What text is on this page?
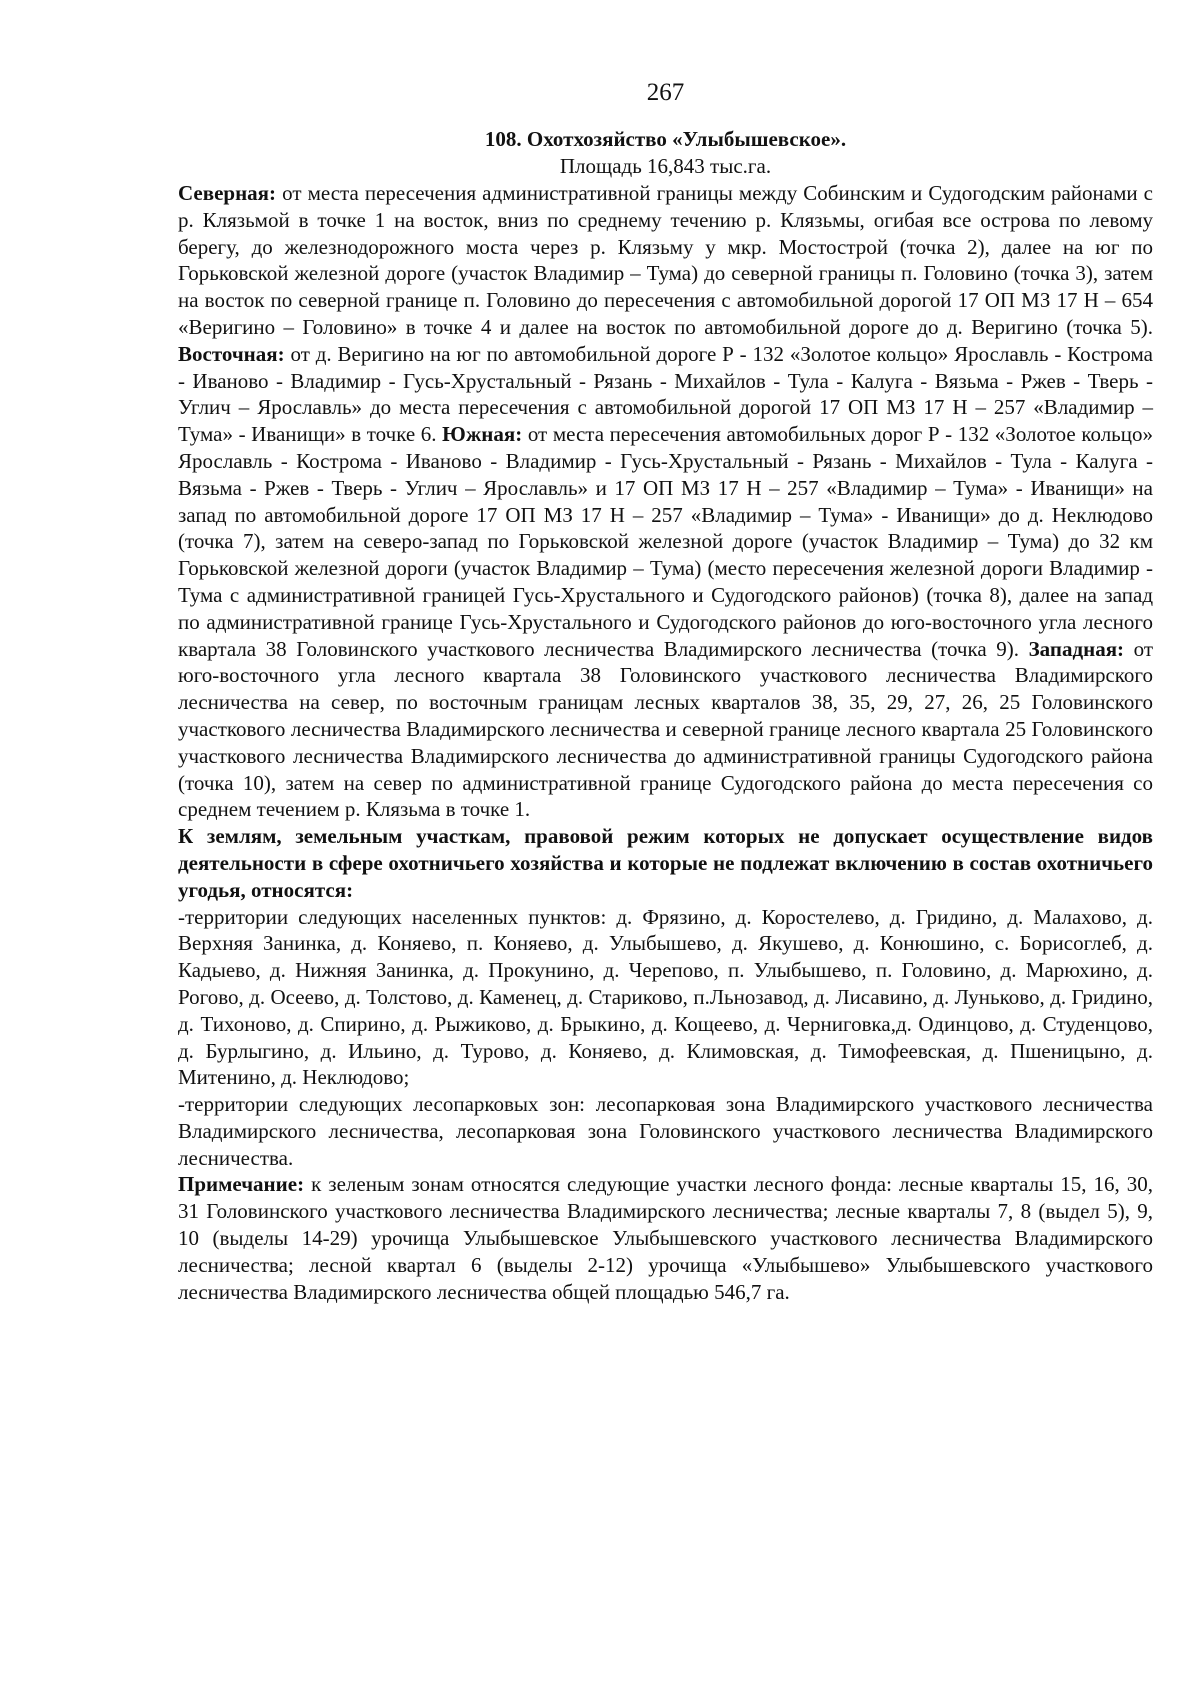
267
108. Охотхозяйство «Улыбышевское».
Площадь 16,843 тыс.га.

Северная: от места пересечения административной границы между Собинским и Судогодским районами с р. Клязьмой в точке 1 на восток, вниз по среднему течению р. Клязьмы, огибая все острова по левому берегу, до железнодорожного моста через р. Клязьму у мкр. Мостострой (точка 2), далее на юг по Горьковской железной дороге (участок Владимир – Тума) до северной границы п. Головино (точка 3), затем на восток по северной границе п. Головино до пересечения с автомобильной дорогой 17 ОП МЗ 17 Н – 654 «Веригино – Головино» в точке 4 и далее на восток по автомобильной дороге до д. Веригино (точка 5). Восточная: от д. Веригино на юг по автомобильной дороге Р - 132 «Золотое кольцо» Ярославль - Кострома - Иваново - Владимир - Гусь-Хрустальный - Рязань - Михайлов - Тула - Калуга - Вязьма - Ржев - Тверь - Углич – Ярославль» до места пересечения с автомобильной дорогой 17 ОП МЗ 17 Н – 257 «Владимир – Тума» - Иванищи» в точке 6. Южная: от места пересечения автомобильных дорог Р - 132 «Золотое кольцо» Ярославль - Кострома - Иваново - Владимир - Гусь-Хрустальный - Рязань - Михайлов - Тула - Калуга - Вязьма - Ржев - Тверь - Углич – Ярославль» и 17 ОП МЗ 17 Н – 257 «Владимир – Тума» - Иванищи» на запад по автомобильной дороге 17 ОП МЗ 17 Н – 257 «Владимир – Тума» - Иванищи» до д. Неклюдово (точка 7), затем на северо-запад по Горьковской железной дороге (участок Владимир – Тума) до 32 км Горьковской железной дороги (участок Владимир – Тума) (место пересечения железной дороги Владимир - Тума с административной границей Гусь-Хрустального и Судогодского районов) (точка 8), далее на запад по административной границе Гусь-Хрустального и Судогодского районов до юго-восточного угла лесного квартала 38 Головинского участкового лесничества Владимирского лесничества (точка 9). Западная: от юго-восточного угла лесного квартала 38 Головинского участкового лесничества Владимирского лесничества на север, по восточным границам лесных кварталов 38, 35, 29, 27, 26, 25 Головинского участкового лесничества Владимирского лесничества и северной границе лесного квартала 25 Головинского участкового лесничества Владимирского лесничества до административной границы Судогодского района (точка 10), затем на север по административной границе Судогодского района до места пересечения со среднем течением р. Клязьма в точке 1.

К землям, земельным участкам, правовой режим которых не допускает осуществление видов деятельности в сфере охотничьего хозяйства и которые не подлежат включению в состав охотничьего угодья, относятся:

-территории следующих населенных пунктов: д. Фрязино, д. Коростелево, д. Гридино, д. Малахово, д. Верхняя Занинка, д. Коняево, п. Коняево, д. Улыбышево, д. Якушево, д. Конюшино, с. Борисоглеб, д. Кадыево, д. Нижняя Занинка, д. Прокунино, д. Черепово, п. Улыбышево, п. Головино, д. Марюхино, д. Рогово, д. Осеево, д. Толстово, д. Каменец, д. Стариково, п.Льнозавод, д. Лисавино, д. Луньково, д. Гридино, д. Тихоново, д. Спирино, д. Рыжиково, д. Брыкино, д. Кощеево, д. Черниговка,д. Одинцово, д. Студенцово, д. Бурлыгино, д. Ильино, д. Турово, д. Коняево, д. Климовская, д. Тимофеевская, д. Пшеницыно, д. Митенино, д. Неклюдово;

-территории следующих лесопарковых зон: лесопарковая зона Владимирского участкового лесничества Владимирского лесничества, лесопарковая зона Головинского участкового лесничества Владимирского лесничества.

Примечание: к зеленым зонам относятся следующие участки лесного фонда: лесные кварталы 15, 16, 30, 31 Головинского участкового лесничества Владимирского лесничества; лесные кварталы 7, 8 (выдел 5), 9, 10 (выделы 14-29) урочища Улыбышевское Улыбышевского участкового лесничества Владимирского лесничества; лесной квартал 6 (выделы 2-12) урочища «Улыбышево» Улыбышевского участкового лесничества Владимирского лесничества общей площадью 546,7 га.
